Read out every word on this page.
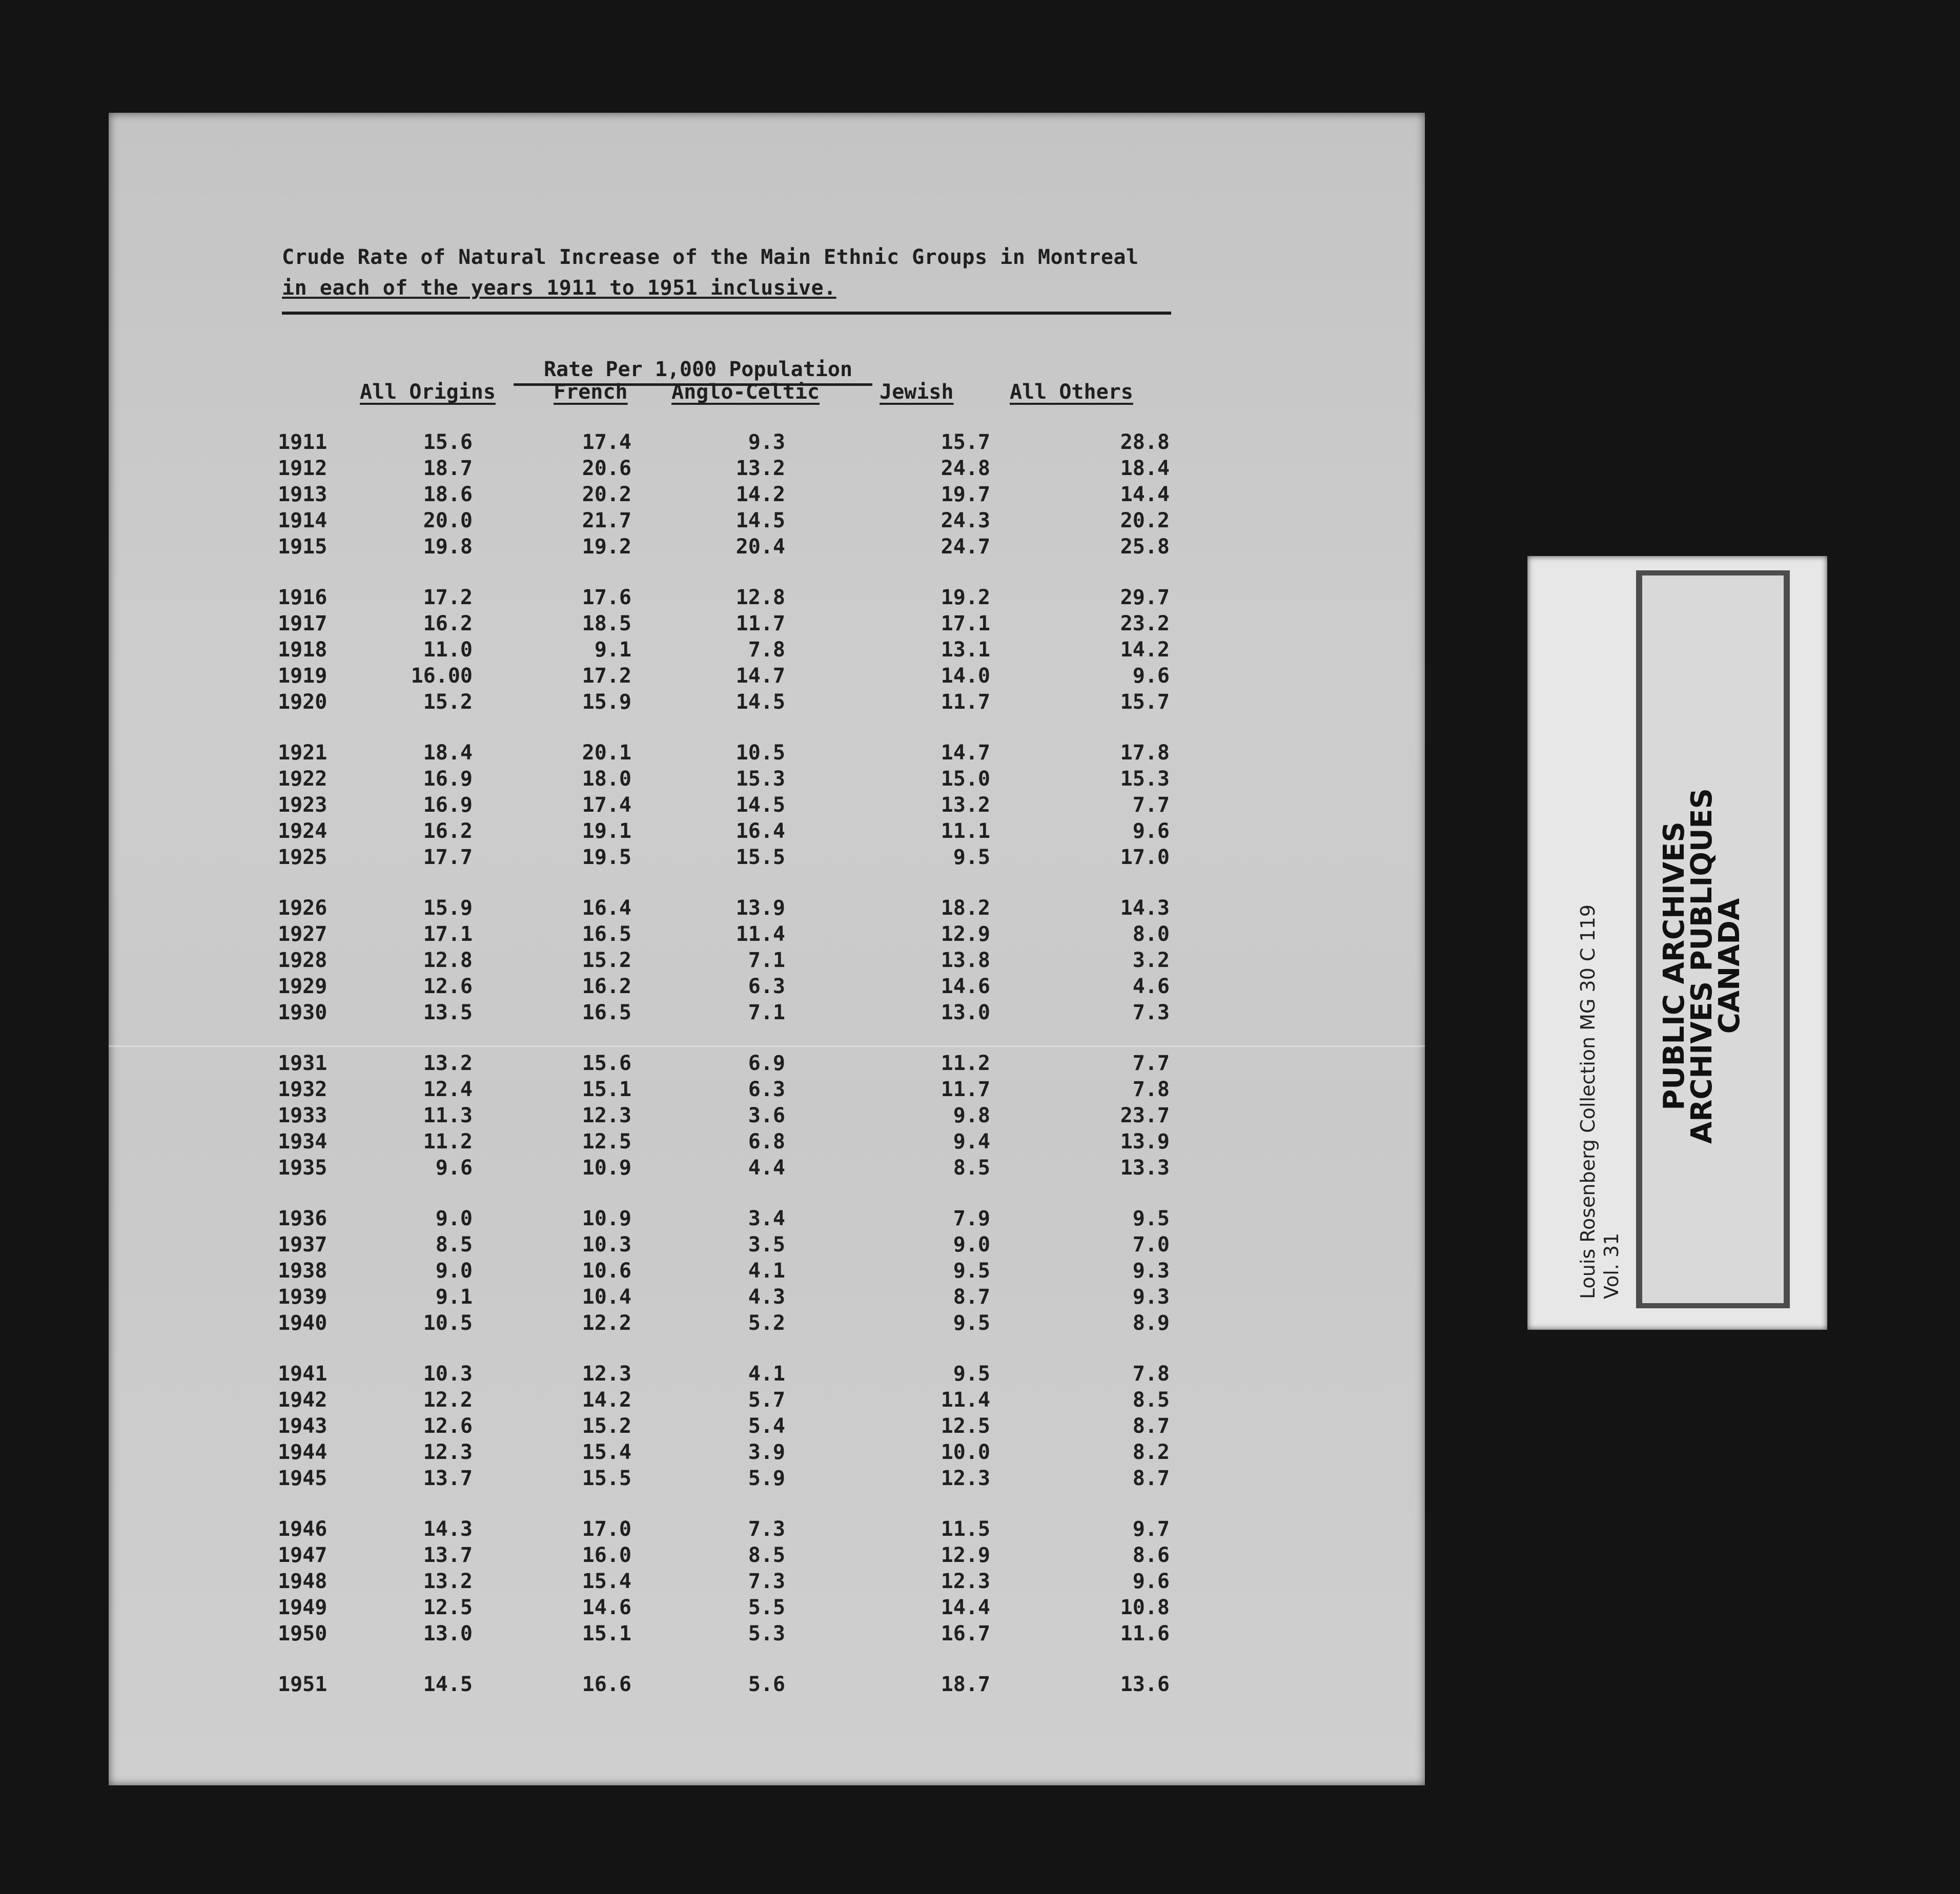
Crude Rate of Natural Increase of the Main Ethnic Groups in Montreal
in each of the years 1911 to 1951 inclusive.
Rate Per 1,000 Population
All Origins	French Anglo-Celtic	Jewish	All Others
1911	15.6	17.4	9.3	15.7	28.8
1912	18.7	20.6	13.2	24.8	18.4
1913	18.6	20.2	14.2	19.7	14.4
1914	20.0	21.7	14.5	24.3	20.2
1915	19.8	19.2	20.4	24.7	25.8
1916	17.2	17.6	12.8	19.2	29.7
1917	16.2	18.5	11.7	17.1	23.2
1918	11.0	9.1	7.8	13.1	14.2
1919	16.00	17.2	14.7	14.0	9.6
1920	15.2	15.9	14.5	11.7	15.7
1921	18.4	20.1	10.5	14.7	17.8
1922	16.9	18.0	15.3	15.0	15.3
1923	16.9	17.4	14.5	13.2	7.7
1924	16.2	19.1	16.4	11.1	9.6
1925	17.7	19.5	15.5	9.5	17.0
1926	15.9	16.4	13.9	18.2	14.3
1927	17.1	16.5	11.4	12.9	8.0
1928	12.8	15.2	7.1	13.8	3.2
1929	12.6	16.2	6.3	14.6	4.6
1930	13.5	16.5	7.1	13.0	7.3
1931	13.2	15.6	6.9	11.2	7.7
1932	12.4	15.1	6.3	11.7	7.8
1933	11.3	12.3	3.6	9.8	23.7
1934	11.2	12.5	6.8	9.4	13.9
1935	9.6	10.9	4.4	8.5	13.3
1936	9.0	10.9	3.4	7.9	9.5
1937	8.5	10.3	3.5	9.0	7.0
1938	9.0	10.6	4.1	9.5	9.3
1939	9.1	10.4	4.3	8.7	9.3
1940	10.5	12.2	5.2	9.5	8.9
1941	10.3	12.3	4.1	9.5	7.8
1942	12.2	14.2	5.7	11.4	8.5
1943	12.6	15.2	5.4	12.5	8.7
1944	12.3	15.4	3.9	10.0	8.2
1945	13.7	15.5	5.9	12.3	8.7
1946	14.3	17.0	7.3	11.5	9.7
1947	13.7	16.0	8.5	12.9	8.6
1948	13.2	15.4	7.3	12.3	9.6
1949	12.5	14.6	5.5	14.4	10.8
1950	13.0	15.1	5.3	16.7	11.6
1951	14.5	16.6	5.6	18.7	13.6
Louis Rosenberg Collection MG 30 C 119 Vol. 31
PUBLIC ARCHIVES
ARCHIVES PUBLIQUES
CANADA
